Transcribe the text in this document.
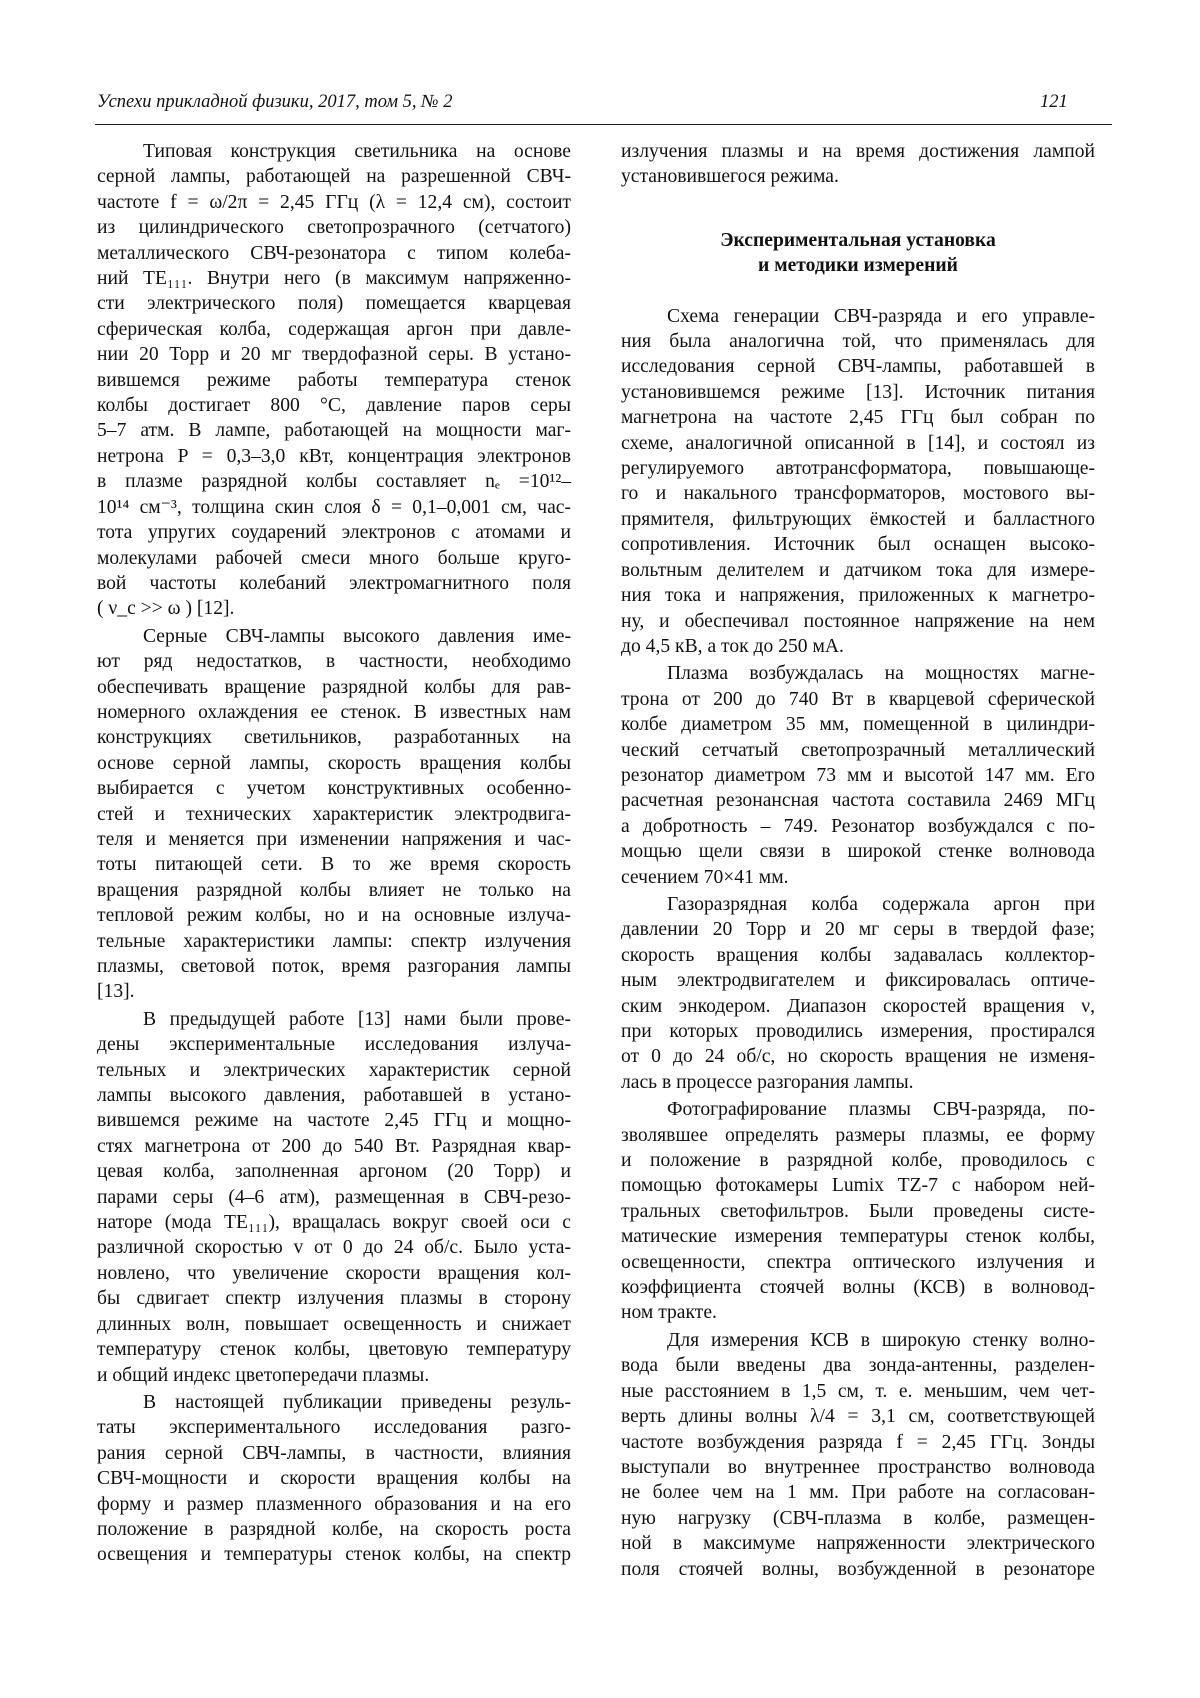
Успехи прикладной физики, 2017, том 5, № 2	121
Типовая конструкция светильника на основе
серной лампы, работающей на разрешенной СВЧ-
частоте f = ω/2π = 2,45 ГГц (λ = 12,4 см), состоит
из цилиндрического светопрозрачного (сетчатого)
металлического СВЧ-резонатора с типом колеба-
ний TE₁₁₁. Внутри него (в максимум напряженно-
сти электрического поля) помещается кварцевая
сферическая колба, содержащая аргон при давле-
нии 20 Торр и 20 мг твердофазной серы. В устано-
вившемся режиме работы температура стенок
колбы достигает 800 °С, давление паров серы
5–7 атм. В лампе, работающей на мощности маг-
нетрона P = 0,3–3,0 кВт, концентрация электронов
в плазме разрядной колбы составляет nₑ =10¹²–
10¹⁴ см⁻³, толщина скин слоя δ = 0,1–0,001 см, час-
тота упругих соударений электронов с атомами и
молекулами рабочей смеси много больше круго-
вой частоты колебаний электромагнитного поля
( ν_c >> ω ) [12].
Серные СВЧ-лампы высокого давления име-
ют ряд недостатков, в частности, необходимо
обеспечивать вращение разрядной колбы для рав-
номерного охлаждения ее стенок. В известных нам
конструкциях светильников, разработанных на
основе серной лампы, скорость вращения колбы
выбирается с учетом конструктивных особенно-
стей и технических характеристик электродвига-
теля и меняется при изменении напряжения и час-
тоты питающей сети. В то же время скорость
вращения разрядной колбы влияет не только на
тепловой режим колбы, но и на основные излуча-
тельные характеристики лампы: спектр излучения
плазмы, световой поток, время разгорания лампы
[13].
В предыдущей работе [13] нами были прове-
дены экспериментальные исследования излуча-
тельных и электрических характеристик серной
лампы высокого давления, работавшей в устано-
вившемся режиме на частоте 2,45 ГГц и мощно-
стях магнетрона от 200 до 540 Вт. Разрядная квар-
цевая колба, заполненная аргоном (20 Торр) и
парами серы (4–6 атм), размещенная в СВЧ-резо-
наторе (мода TE₁₁₁), вращалась вокруг своей оси с
различной скоростью v от 0 до 24 об/с. Было уста-
новлено, что увеличение скорости вращения кол-
бы сдвигает спектр излучения плазмы в сторону
длинных волн, повышает освещенность и снижает
температуру стенок колбы, цветовую температуру
и общий индекс цветопередачи плазмы.
В настоящей публикации приведены резуль-
таты экспериментального исследования разго-
рания серной СВЧ-лампы, в частности, влияния
СВЧ-мощности и скорости вращения колбы на
форму и размер плазменного образования и на его
положение в разрядной колбе, на скорость роста
освещения и температуры стенок колбы, на спектр
излучения плазмы и на время достижения лампой
установившегося режима.
Экспериментальная установка
и методики измерений
Схема генерации СВЧ-разряда и его управле-
ния была аналогична той, что применялась для
исследования серной СВЧ-лампы, работавшей в
установившемся режиме [13]. Источник питания
магнетрона на частоте 2,45 ГГц был собран по
схеме, аналогичной описанной в [14], и состоял из
регулируемого автотрансформатора, повышающе-
го и накального трансформаторов, мостового вы-
прямителя, фильтрующих ёмкостей и балластного
сопротивления. Источник был оснащен высоко-
вольтным делителем и датчиком тока для измере-
ния тока и напряжения, приложенных к магнетро-
ну, и обеспечивал постоянное напряжение на нем
до 4,5 кВ, а ток до 250 мА.
Плазма возбуждалась на мощностях магне-
трона от 200 до 740 Вт в кварцевой сферической
колбе диаметром 35 мм, помещенной в цилиндри-
ческий сетчатый светопрозрачный металлический
резонатор диаметром 73 мм и высотой 147 мм. Его
расчетная резонансная частота составила 2469 МГц
а добротность – 749. Резонатор возбуждался с по-
мощью щели связи в широкой стенке волновода
сечением 70×41 мм.
Газоразрядная колба содержала аргон при
давлении 20 Торр и 20 мг серы в твердой фазе;
скорость вращения колбы задавалась коллектор-
ным электродвигателем и фиксировалась оптиче-
ским энкодером. Диапазон скоростей вращения ν,
при которых проводились измерения, простирался
от 0 до 24 об/с, но скорость вращения не изменя-
лась в процессе разгорания лампы.
Фотографирование плазмы СВЧ-разряда, по-
зволявшее определять размеры плазмы, ее форму
и положение в разрядной колбе, проводилось с
помощью фотокамеры Lumix TZ-7 с набором ней-
тральных светофильтров. Были проведены систе-
матические измерения температуры стенок колбы,
освещенности, спектра оптического излучения и
коэффициента стоячей волны (КСВ) в волновод-
ном тракте.
Для измерения КСВ в широкую стенку волно-
вода были введены два зонда-антенны, разделен-
ные расстоянием в 1,5 см, т. е. меньшим, чем чет-
верть длины волны λ/4 = 3,1 см, соответствующей
частоте возбуждения разряда f = 2,45 ГГц. Зонды
выступали во внутреннее пространство волновода
не более чем на 1 мм. При работе на согласован-
ную нагрузку (СВЧ-плазма в колбе, размещен-
ной в максимуме напряженности электрического
поля стоячей волны, возбужденной в резонаторе
